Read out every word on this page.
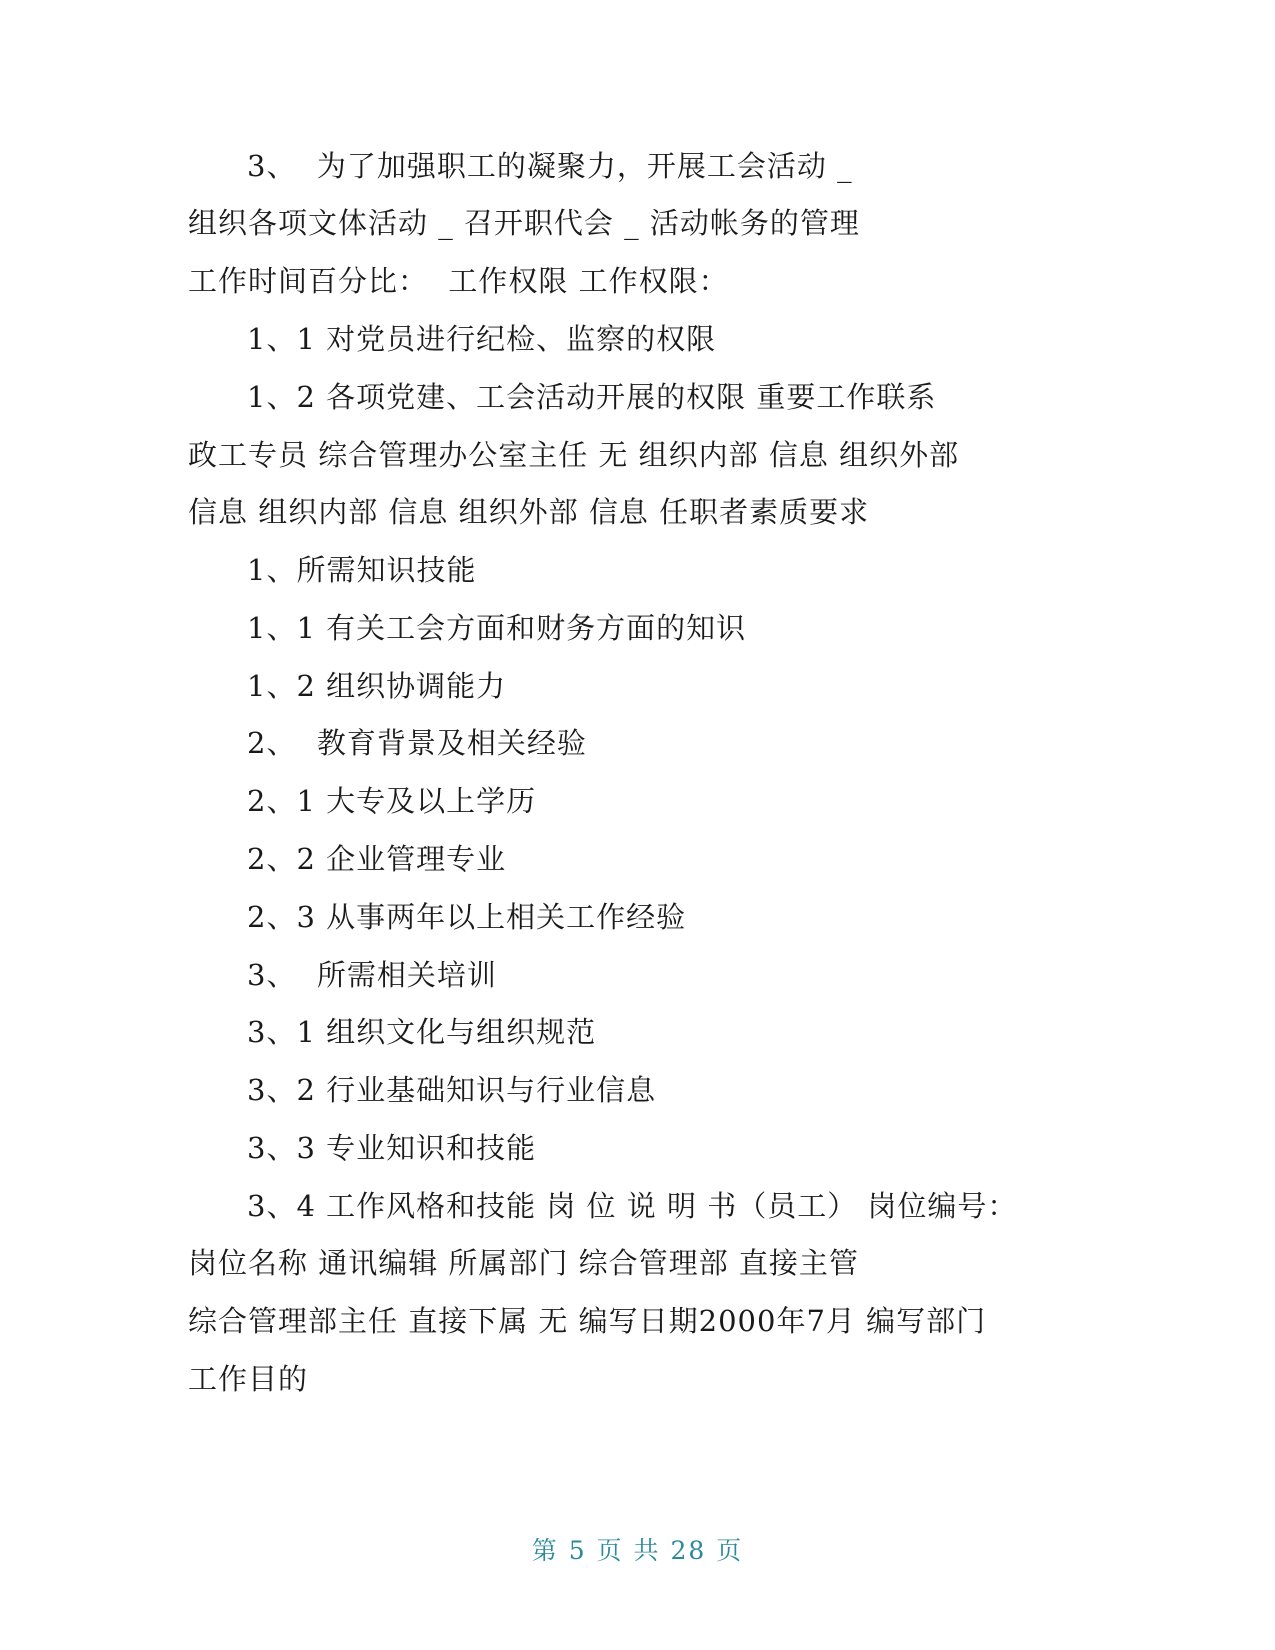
3、  为了加强职工的凝聚力，开展工会活动 _
组织各项文体活动 _ 召开职代会 _ 活动帐务的管理
工作时间百分比：  工作权限 工作权限：
1、1 对党员进行纪检、监察的权限
1、2 各项党建、工会活动开展的权限 重要工作联系
政工专员 综合管理办公室主任 无 组织内部 信息 组织外部
信息 组织内部 信息 组织外部 信息 任职者素质要求
1、所需知识技能
1、1 有关工会方面和财务方面的知识
1、2 组织协调能力
2、  教育背景及相关经验
2、1 大专及以上学历
2、2 企业管理专业
2、3 从事两年以上相关工作经验
3、  所需相关培训
3、1 组织文化与组织规范
3、2 行业基础知识与行业信息
3、3 专业知识和技能
3、4 工作风格和技能 岗 位 说 明 书（员工） 岗位编号：
岗位名称 通讯编辑 所属部门 综合管理部 直接主管
综合管理部主任 直接下属 无 编写日期2000年7月 编写部门
工作目的
第 5 页 共 28 页
